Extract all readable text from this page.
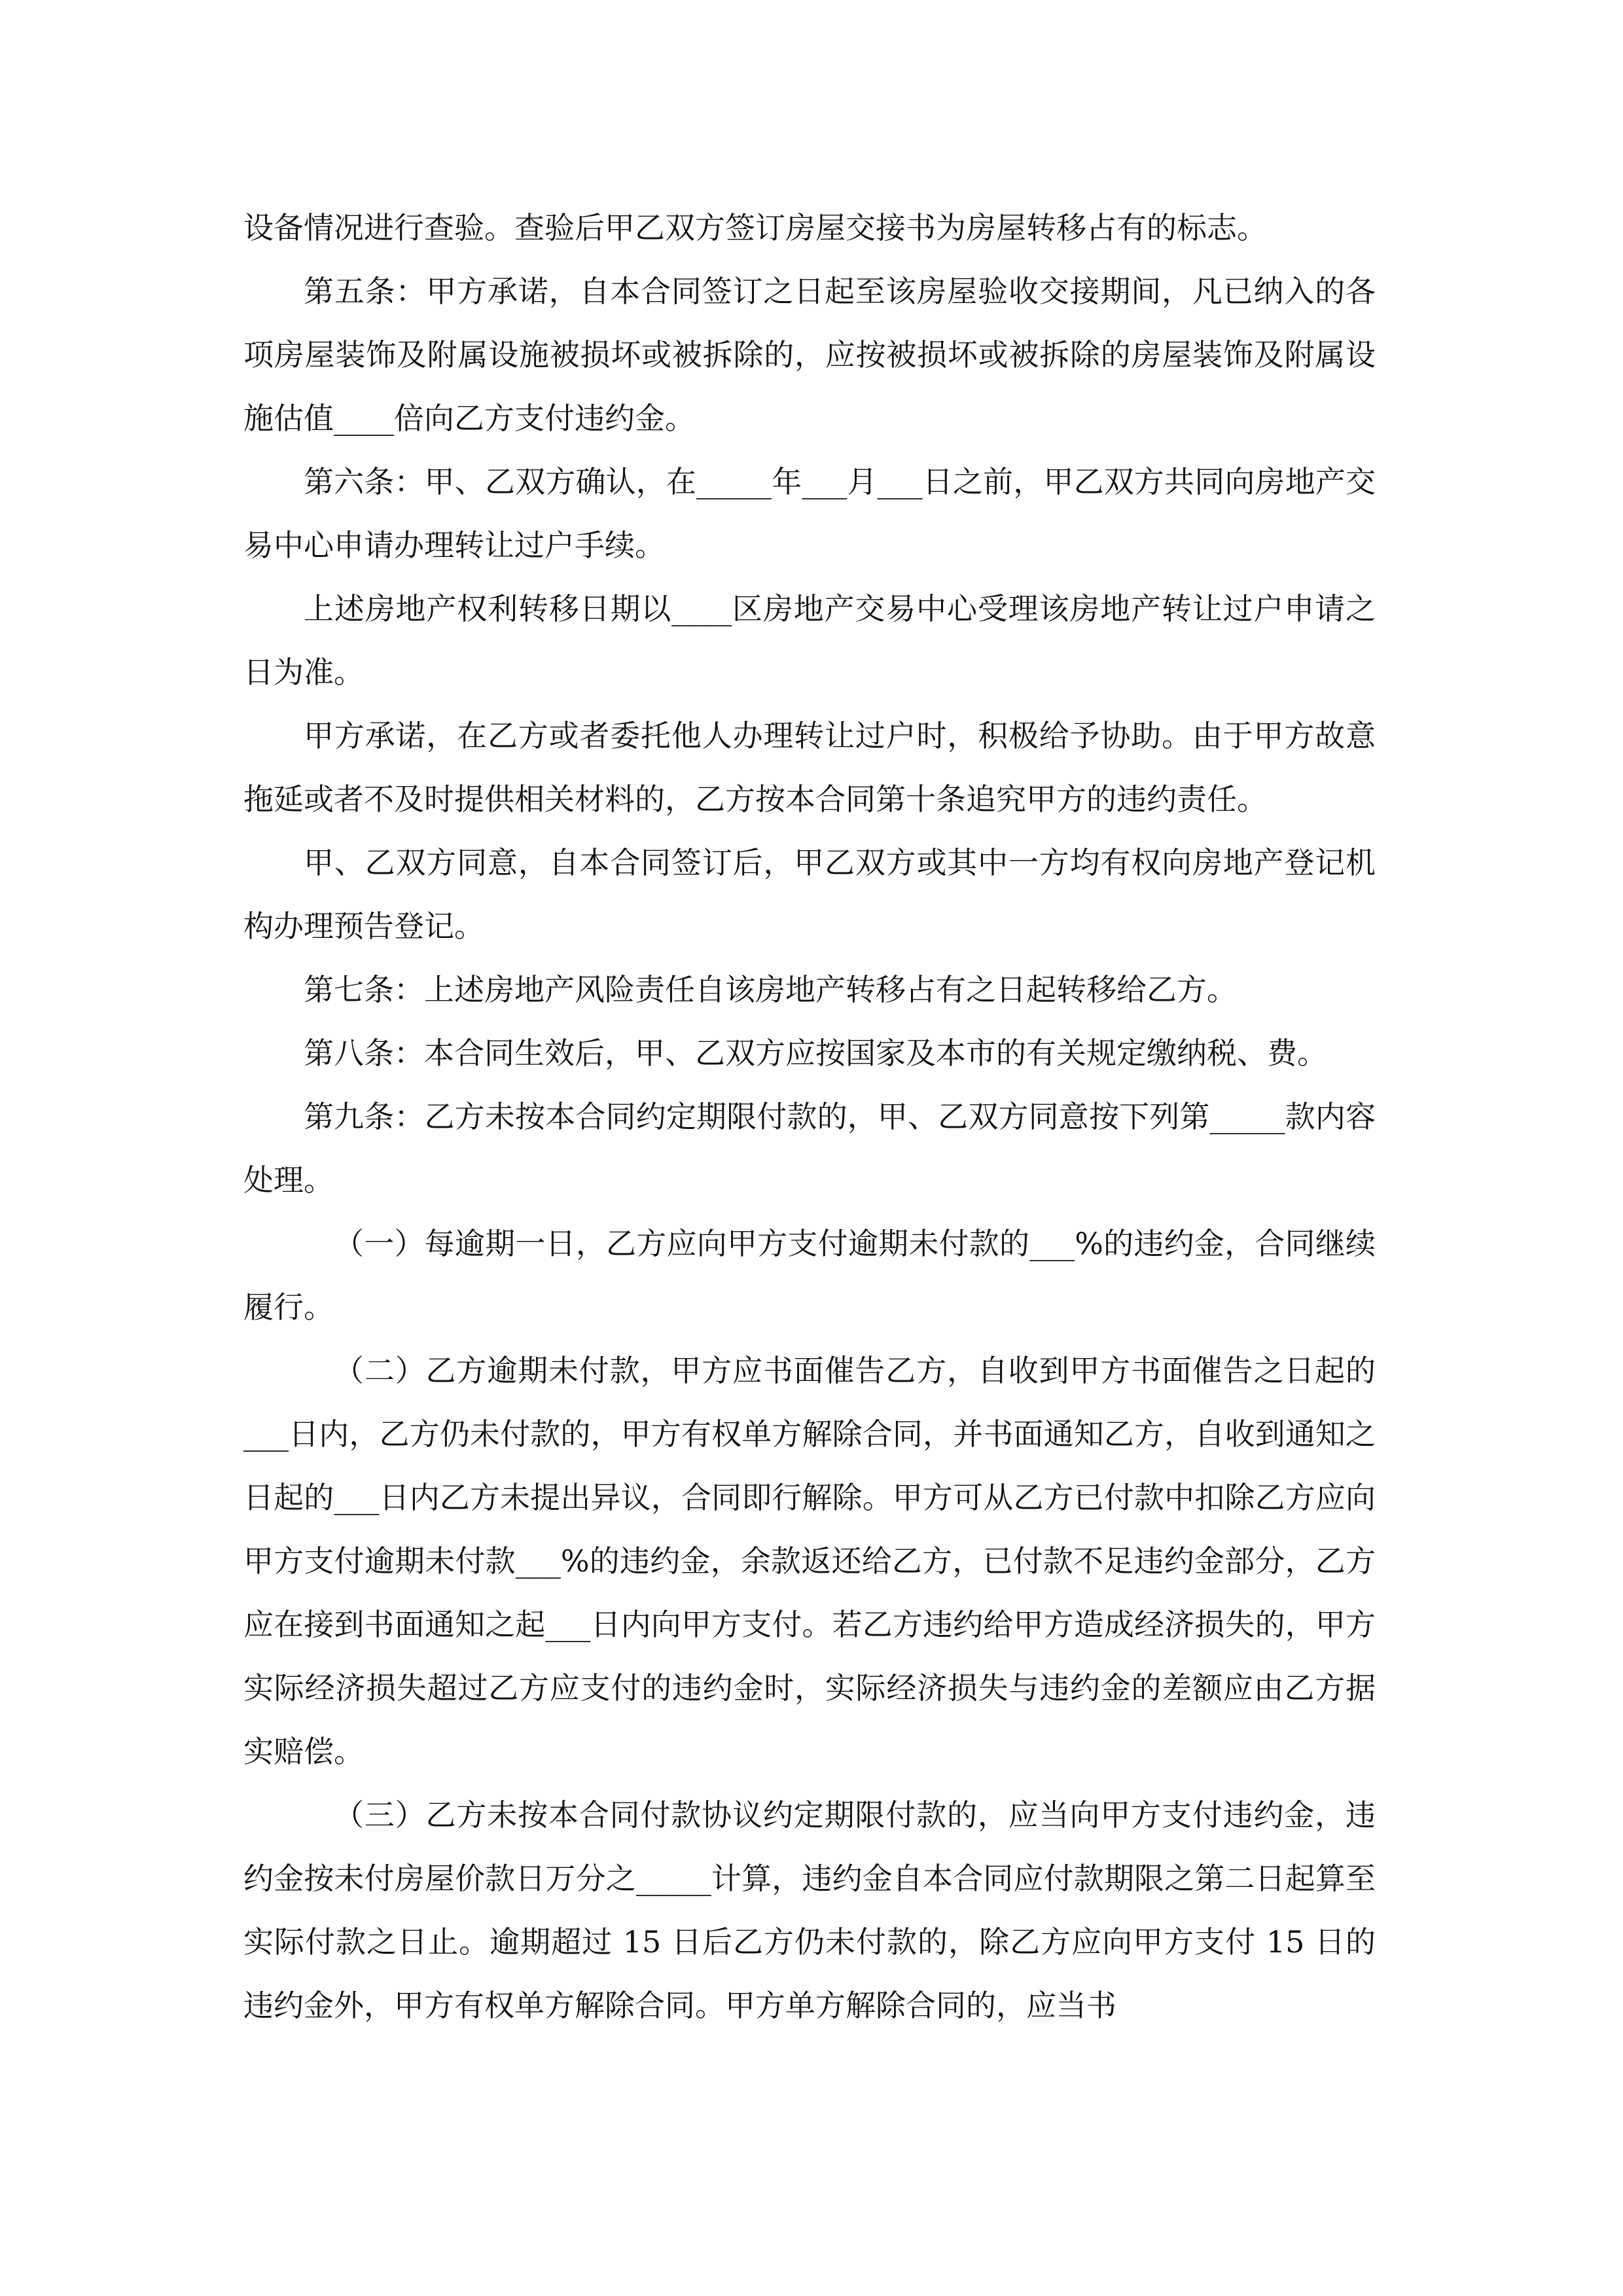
设备情况进行查验。查验后甲乙双方签订房屋交接书为房屋转移占有的标志。

第五条：甲方承诺，自本合同签订之日起至该房屋验收交接期间，凡已纳入的各项房屋装饰及附属设施被损坏或被拆除的，应按被损坏或被拆除的房屋装饰及附属设施估值____倍向乙方支付违约金。

第六条：甲、乙双方确认，在_____年___月___日之前，甲乙双方共同向房地产交易中心申请办理转让过户手续。

上述房地产权利转移日期以____区房地产交易中心受理该房地产转让过户申请之日为准。

甲方承诺，在乙方或者委托他人办理转让过户时，积极给予协助。由于甲方故意拖延或者不及时提供相关材料的，乙方按本合同第十条追究甲方的违约责任。

甲、乙双方同意，自本合同签订后，甲乙双方或其中一方均有权向房地产登记机构办理预告登记。

第七条：上述房地产风险责任自该房地产转移占有之日起转移给乙方。

第八条：本合同生效后，甲、乙双方应按国家及本市的有关规定缴纳税、费。

第九条：乙方未按本合同约定期限付款的，甲、乙双方同意按下列第_____款内容处理。

（一）每逾期一日，乙方应向甲方支付逾期未付款的___%的违约金，合同继续履行。

（二）乙方逾期未付款，甲方应书面催告乙方，自收到甲方书面催告之日起的___日内，乙方仍未付款的，甲方有权单方解除合同，并书面通知乙方，自收到通知之日起的___日内乙方未提出异议，合同即行解除。甲方可从乙方已付款中扣除乙方应向甲方支付逾期未付款___%的违约金，余款返还给乙方，已付款不足违约金部分，乙方应在接到书面通知之起___日内向甲方支付。若乙方违约给甲方造成经济损失的，甲方实际经济损失超过乙方应支付的违约金时，实际经济损失与违约金的差额应由乙方据实赔偿。

（三）乙方未按本合同付款协议约定期限付款的，应当向甲方支付违约金，违约金按未付房屋价款日万分之_____计算，违约金自本合同应付款期限之第二日起算至实际付款之日止。逾期超过 15 日后乙方仍未付款的，除乙方应向甲方支付 15 日的违约金外，甲方有权单方解除合同。甲方单方解除合同的，应当书
